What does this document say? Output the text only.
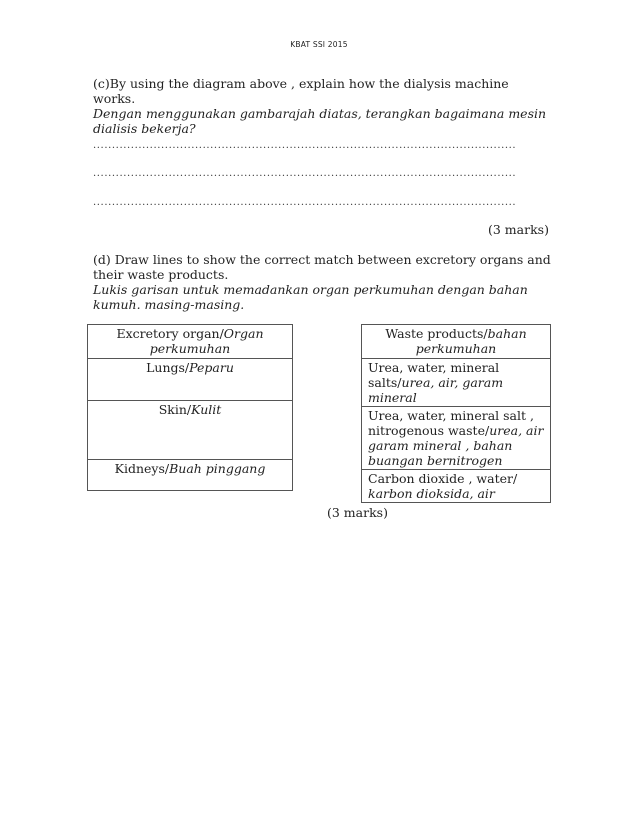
KBAT SSI 2015
(c)By using the diagram above , explain how the dialysis machine works.
Dengan menggunakan gambarajah diatas, terangkan bagaimana mesin
dialisis bekerja?
................................................................................................................
................................................................................................................
................................................................................................................
(3 marks)
(d) Draw lines to show the correct match between excretory organs and
their waste products.
Lukis garisan untuk memadankan organ perkumuhan dengan bahan
kumuh. masing-masing.
Excretory organ/Organ
perkumuhan
Lungs/Peparu
Skin/Kulit
Kidneys/Buah pinggang
Waste products/bahan
perkumuhan
Urea, water, mineral
salts/urea, air, garam
mineral
Urea, water, mineral salt ,
nitrogenous waste/urea, air
garam mineral , bahan
buangan bernitrogen
Carbon dioxide , water/
karbon dioksida, air
(3 marks)
